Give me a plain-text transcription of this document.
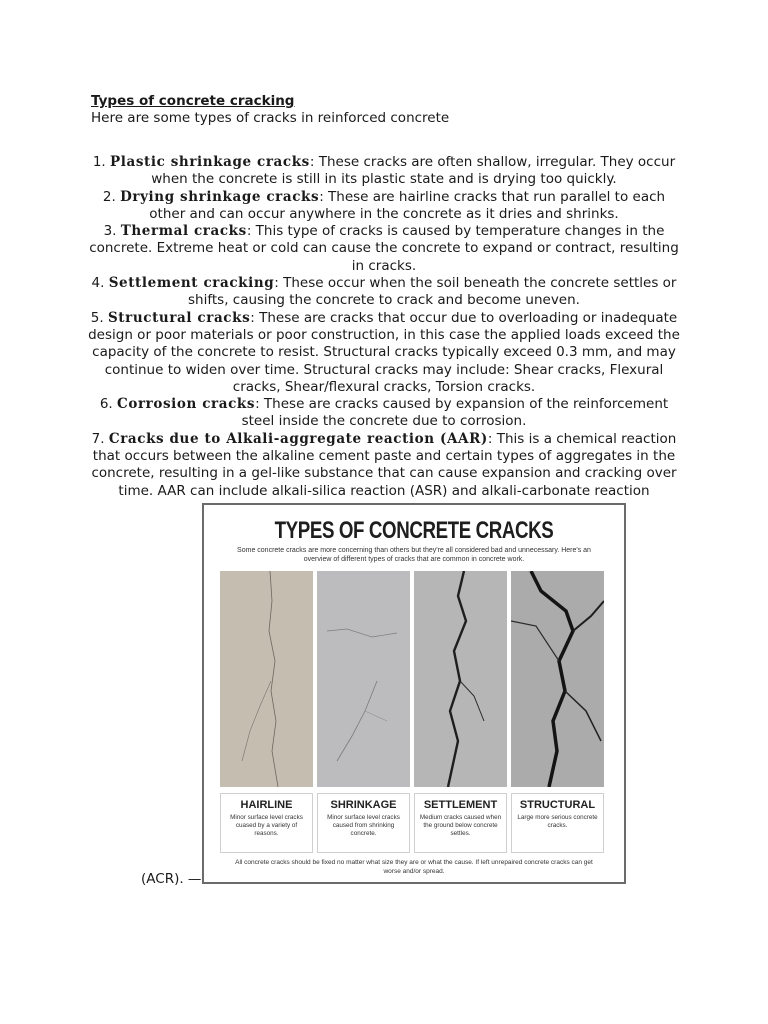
Types of concrete cracking
Here are some types of cracks in reinforced concrete

1. Plastic shrinkage cracks: These cracks are often shallow, irregular. They occur when the concrete is still in its plastic state and is drying too quickly.

2. Drying shrinkage cracks: These are hairline cracks that run parallel to each other and can occur anywhere in the concrete as it dries and shrinks.

3. Thermal cracks: This type of cracks is caused by temperature changes in the concrete. Extreme heat or cold can cause the concrete to expand or contract, resulting in cracks.

4. Settlement cracking: These occur when the soil beneath the concrete settles or shifts, causing the concrete to crack and become uneven.

5. Structural cracks: These are cracks that occur due to overloading or inadequate design or poor materials or poor construction, in this case the applied loads exceed the capacity of the concrete to resist. Structural cracks typically exceed 0.3 mm, and may continue to widen over time. Structural cracks may include: Shear cracks, Flexural cracks, Shear/flexural cracks, Torsion cracks.

6. Corrosion cracks: These are cracks caused by expansion of the reinforcement steel inside the concrete due to corrosion.

7. Cracks due to Alkali-aggregate reaction (AAR): This is a chemical reaction that occurs between the alkaline cement paste and certain types of aggregates in the concrete, resulting in a gel-like substance that can cause expansion and cracking over time. AAR can include alkali-silica reaction (ASR) and alkali-carbonate reaction

TYPES OF CONCRETE CRACKS
Some concrete cracks are more concerning than others but they're all considered bad and unnecessary. Here's an overview of different types of cracks that are common in concrete work.
HAIRLINE
Minor surface level cracks cuased by a variety of reasons.
SHRINKAGE
Minor surface level cracks caused from shrinking concrete.
SETTLEMENT
Medium cracks caused when the ground below concrete settles.
STRUCTURAL
Large more serious concrete cracks.
All concrete cracks should be fixed no matter what size they are or what the cause. If left unrepaired concrete cracks can get worse and/or spread.
(ACR). —
